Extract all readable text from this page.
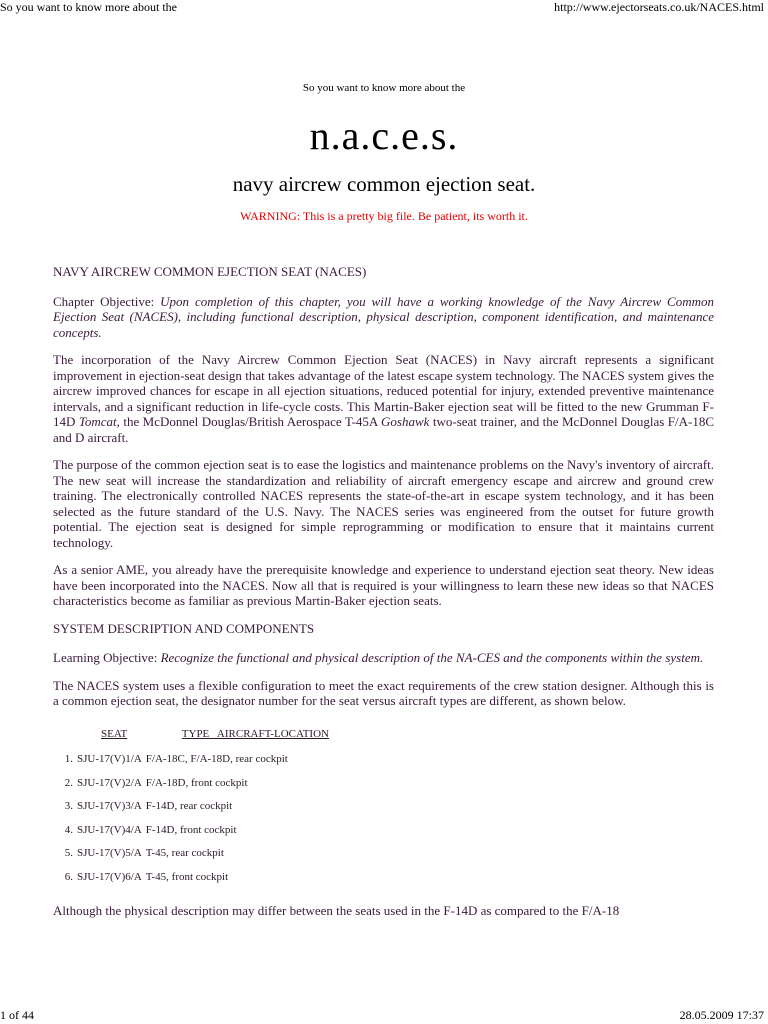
So you want to know more about the	http://www.ejectorseats.co.uk/NACES.html
So you want to know more about the
n.a.c.e.s.
navy aircrew common ejection seat.
WARNING: This is a pretty big file. Be patient, its worth it.
NAVY AIRCREW COMMON EJECTION SEAT (NACES)

Chapter Objective: Upon completion of this chapter, you will have a working knowledge of the Navy Aircrew Common Ejection Seat (NACES), including functional description, physical description, component identification, and maintenance concepts.

The incorporation of the Navy Aircrew Common Ejection Seat (NACES) in Navy aircraft represents a significant improvement in ejection-seat design that takes advantage of the latest escape system technology. The NACES system gives the aircrew improved chances for escape in all ejection situations, reduced potential for injury, extended preventive maintenance intervals, and a significant reduction in life-cycle costs. This Martin-Baker ejection seat will be fitted to the new Grumman F-14D Tomcat, the McDonnel Douglas/British Aerospace T-45A Goshawk two-seat trainer, and the McDonnel Douglas F/A-18C and D aircraft.

The purpose of the common ejection seat is to ease the logistics and maintenance problems on the Navy's inventory of aircraft. The new seat will increase the standardization and reliability of aircraft emergency escape and aircrew and ground crew training. The electronically controlled NACES represents the state-of-the-art in escape system technology, and it has been selected as the future standard of the U.S. Navy. The NACES series was engineered from the outset for future growth potential. The ejection seat is designed for simple reprogramming or modification to ensure that it maintains current technology.

As a senior AME, you already have the prerequisite knowledge and experience to understand ejection seat theory. New ideas have been incorporated into the NACES. Now all that is required is your willingness to learn these new ideas so that NACES characteristics become as familiar as previous Martin-Baker ejection seats.

SYSTEM DESCRIPTION AND COMPONENTS

Learning Objective: Recognize the functional and physical description of the NA-CES and the components within the system.

The NACES system uses a flexible configuration to meet the exact requirements of the crew station designer. Although this is a common ejection seat, the designator number for the seat versus aircraft types are different, as shown below.

	SEAT	TYPE   AIRCRAFT-LOCATION
1.	SJU-17(V)1/A	F/A-18C, F/A-18D, rear cockpit
2.	SJU-17(V)2/A	F/A-18D, front cockpit
3.	SJU-17(V)3/A	F-14D, rear cockpit
4.	SJU-17(V)4/A	F-14D, front cockpit
5.	SJU-17(V)5/A	T-45, rear cockpit
6.	SJU-17(V)6/A	T-45, front cockpit

Although the physical description may differ between the seats used in the F-14D as compared to the F/A-18

1 of 44	28.05.2009 17:37
